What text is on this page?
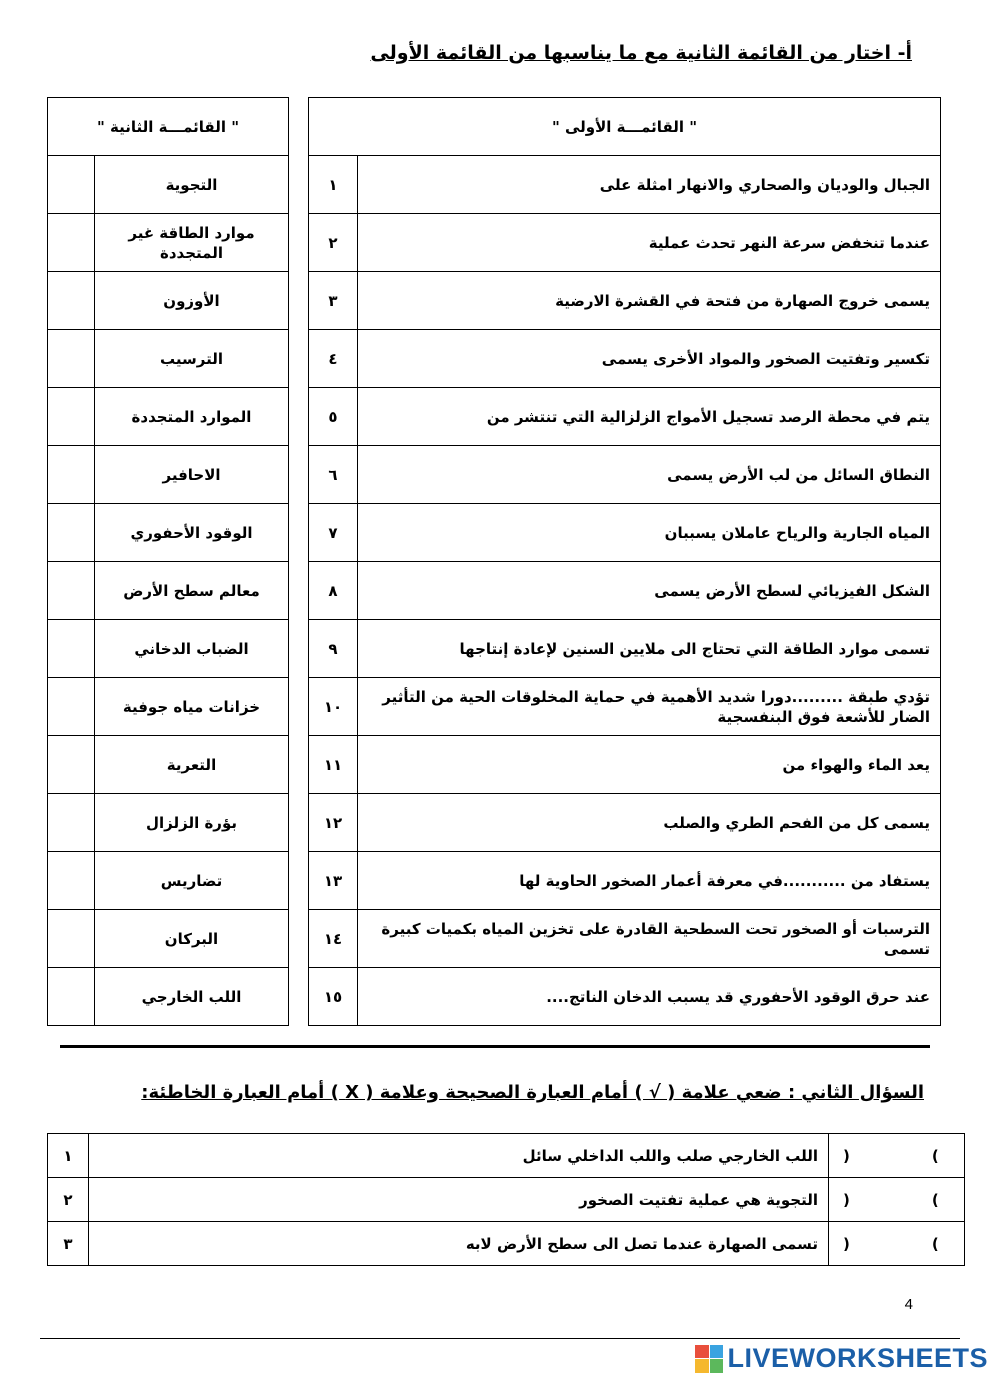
أ- اختار من القائمة الثانية مع ما يناسبها من القائمة الأولى
" القائمـــة الأولى "	
١	الجبال والوديان والصحاري والانهار امثلة على
٢	عندما تنخفض سرعة النهر تحدث عملية
٣	يسمى خروج الصهارة من فتحة في القشرة الارضية
٤	تكسير وتفتيت الصخور والمواد الأخرى يسمى
٥	يتم في محطة الرصد تسجيل الأمواج الزلزالية التي تنتشر من
٦	النطاق السائل من لب الأرض يسمى
٧	المياه الجارية والرياح عاملان يسببان
٨	الشكل الفيزيائي لسطح الأرض يسمى
٩	تسمى موارد الطاقة التي تحتاج الى ملايين السنين لإعادة إنتاجها
١٠	تؤدي طبقة .........دورا شديد الأهمية في حماية المخلوقات الحية من التأثير الضار للأشعة فوق البنفسجية
١١	يعد الماء والهواء من
١٢	يسمى كل من الفحم الطري والصلب
١٣	يستفاد من ...........في معرفة أعمار الصخور الحاوية لها
١٤	الترسبات أو الصخور تحت السطحية القادرة على تخزين المياه بكميات كبيرة تسمى
١٥	عند حرق الوقود الأحفوري قد يسبب الدخان الناتج....
" القائمـــة الثانية "	
	التجوية
	موارد الطاقة غير المتجددة
	الأوزون
	الترسيب
	الموارد المتجددة
	الاحافير
	الوقود الأحفوري
	معالم سطح الأرض
	الضباب الدخاني
	خزانات مياه جوفية
	التعرية
	بؤرة الزلزال
	تضاريس
	البركان
	اللب الخارجي
السؤال الثاني : ضعي علامة ( √ ) أمام العبارة الصحيحة وعلامة ( X ) أمام العبارة الخاطئة:
١	اللب الخارجي صلب واللب الداخلي سائل	) (
٢	التجوية هي عملية تفتيت الصخور	) (
٣	تسمى الصهارة عندما تصل الى سطح الأرض لابه	) (
4
LIVEWORKSHEETS
